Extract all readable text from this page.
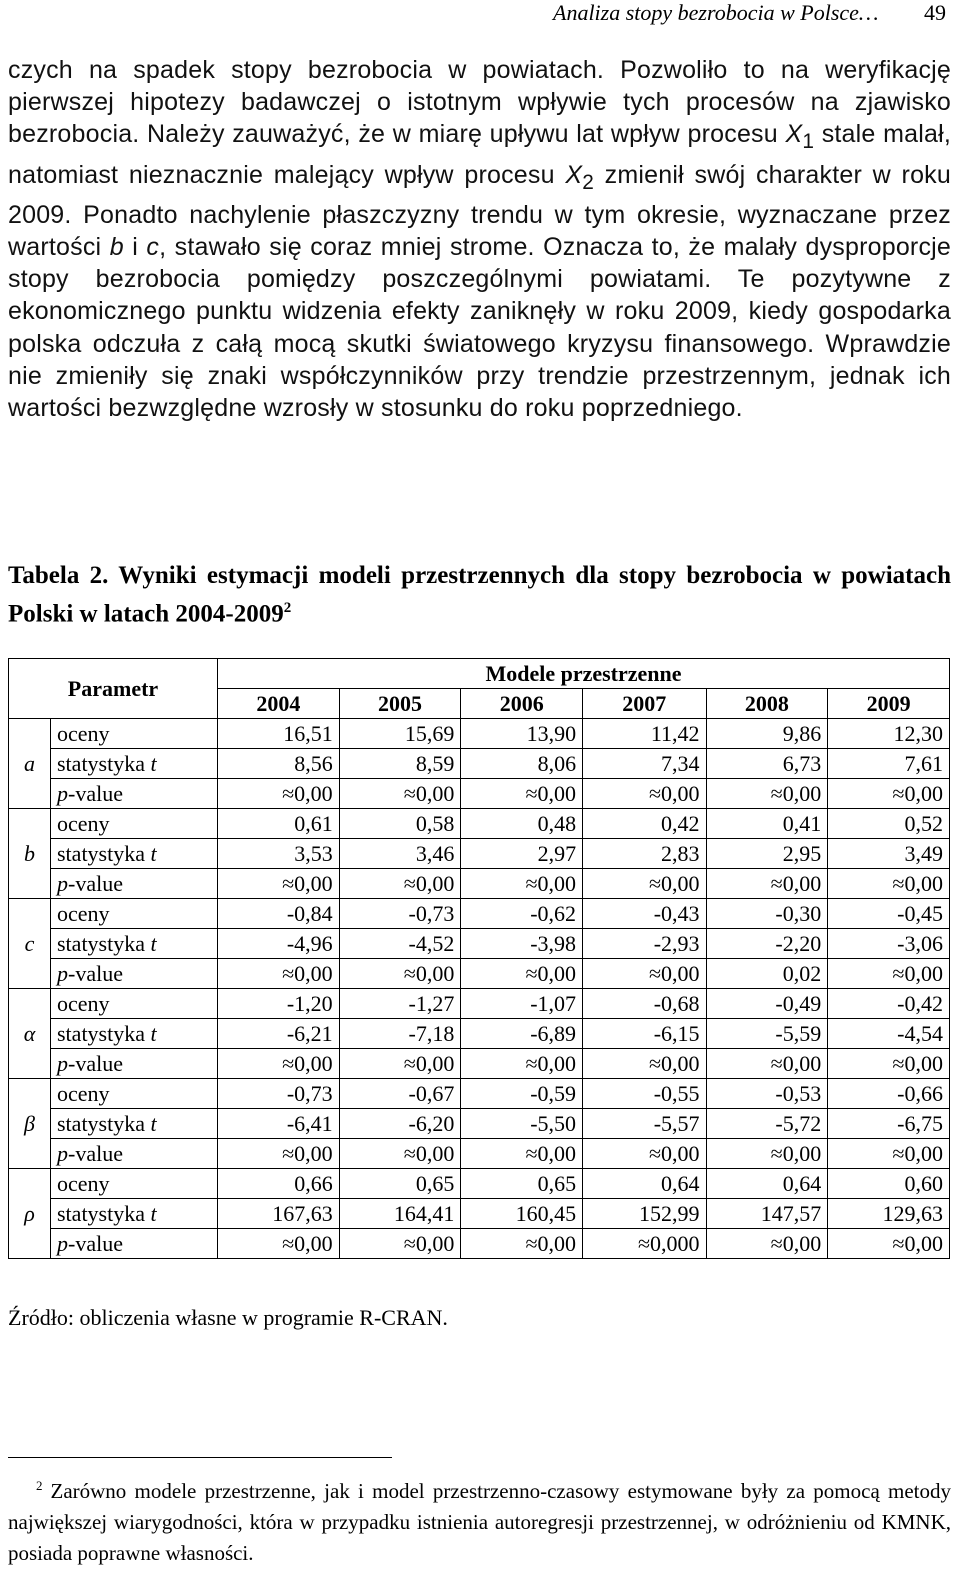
Analiza stopy bezrobocia w Polsce… 49

czych na spadek stopy bezrobocia w powiatach. Pozwoliło to na weryfikację pierwszej hipotezy badawczej o istotnym wpływie tych procesów na zjawisko bezrobocia. Należy zauważyć, że w miarę upływu lat wpływ procesu $X_1$ stale malał, natomiast nieznacznie malejący wpływ procesu $X_2$ zmienił swój charakter w roku 2009. Ponadto nachylenie płaszczyzny trendu w tym okresie, wyznaczane przez wartości b i c, stawało się coraz mniej strome. Oznacza to, że malały dysproporcje stopy bezrobocia pomiędzy poszczególnymi powiatami. Te pozytywne z ekonomicznego punktu widzenia efekty zaniknęły w roku 2009, kiedy gospodarka polska odczuła z całą mocą skutki światowego kryzysu finansowego. Wprawdzie nie zmieniły się znaki współczynników przy trendzie przestrzennym, jednak ich wartości bezwzględne wzrosły w stosunku do roku poprzedniego.

Tabela 2. Wyniki estymacji modeli przestrzennych dla stopy bezrobocia w powiatach Polski w latach 2004-2009$^2$
Parametr		Modele przestrzenne					
		2004	2005	2006	2007	2008	2009
a	oceny	16,51	15,69	13,90	11,42	9,86	12,30
	statystyka t	8,56	8,59	8,06	7,34	6,73	7,61
	p-value	≈0,00	≈0,00	≈0,00	≈0,00	≈0,00	≈0,00
b	oceny	0,61	0,58	0,48	0,42	0,41	0,52
	statystyka t	3,53	3,46	2,97	2,83	2,95	3,49
	p-value	≈0,00	≈0,00	≈0,00	≈0,00	≈0,00	≈0,00
c	oceny	-0,84	-0,73	-0,62	-0,43	-0,30	-0,45
	statystyka t	-4,96	-4,52	-3,98	-2,93	-2,20	-3,06
	p-value	≈0,00	≈0,00	≈0,00	≈0,00	0,02	≈0,00
α	oceny	-1,20	-1,27	-1,07	-0,68	-0,49	-0,42
	statystyka t	-6,21	-7,18	-6,89	-6,15	-5,59	-4,54
	p-value	≈0,00	≈0,00	≈0,00	≈0,00	≈0,00	≈0,00
β	oceny	-0,73	-0,67	-0,59	-0,55	-0,53	-0,66
	statystyka t	-6,41	-6,20	-5,50	-5,57	-5,72	-6,75
	p-value	≈0,00	≈0,00	≈0,00	≈0,00	≈0,00	≈0,00
ρ	oceny	0,66	0,65	0,65	0,64	0,64	0,60
	statystyka t	167,63	164,41	160,45	152,99	147,57	129,63
	p-value	≈0,00	≈0,00	≈0,00	≈0,000	≈0,00	≈0,00
Źródło: obliczenia własne w programie R-CRAN.
$^2$ Zarówno modele przestrzenne, jak i model przestrzenno-czasowy estymowane były za pomocą metody największej wiarygodności, która w przypadku istnienia autoregresji przestrzennej, w odróżnieniu od KMNK, posiada poprawne własności.
